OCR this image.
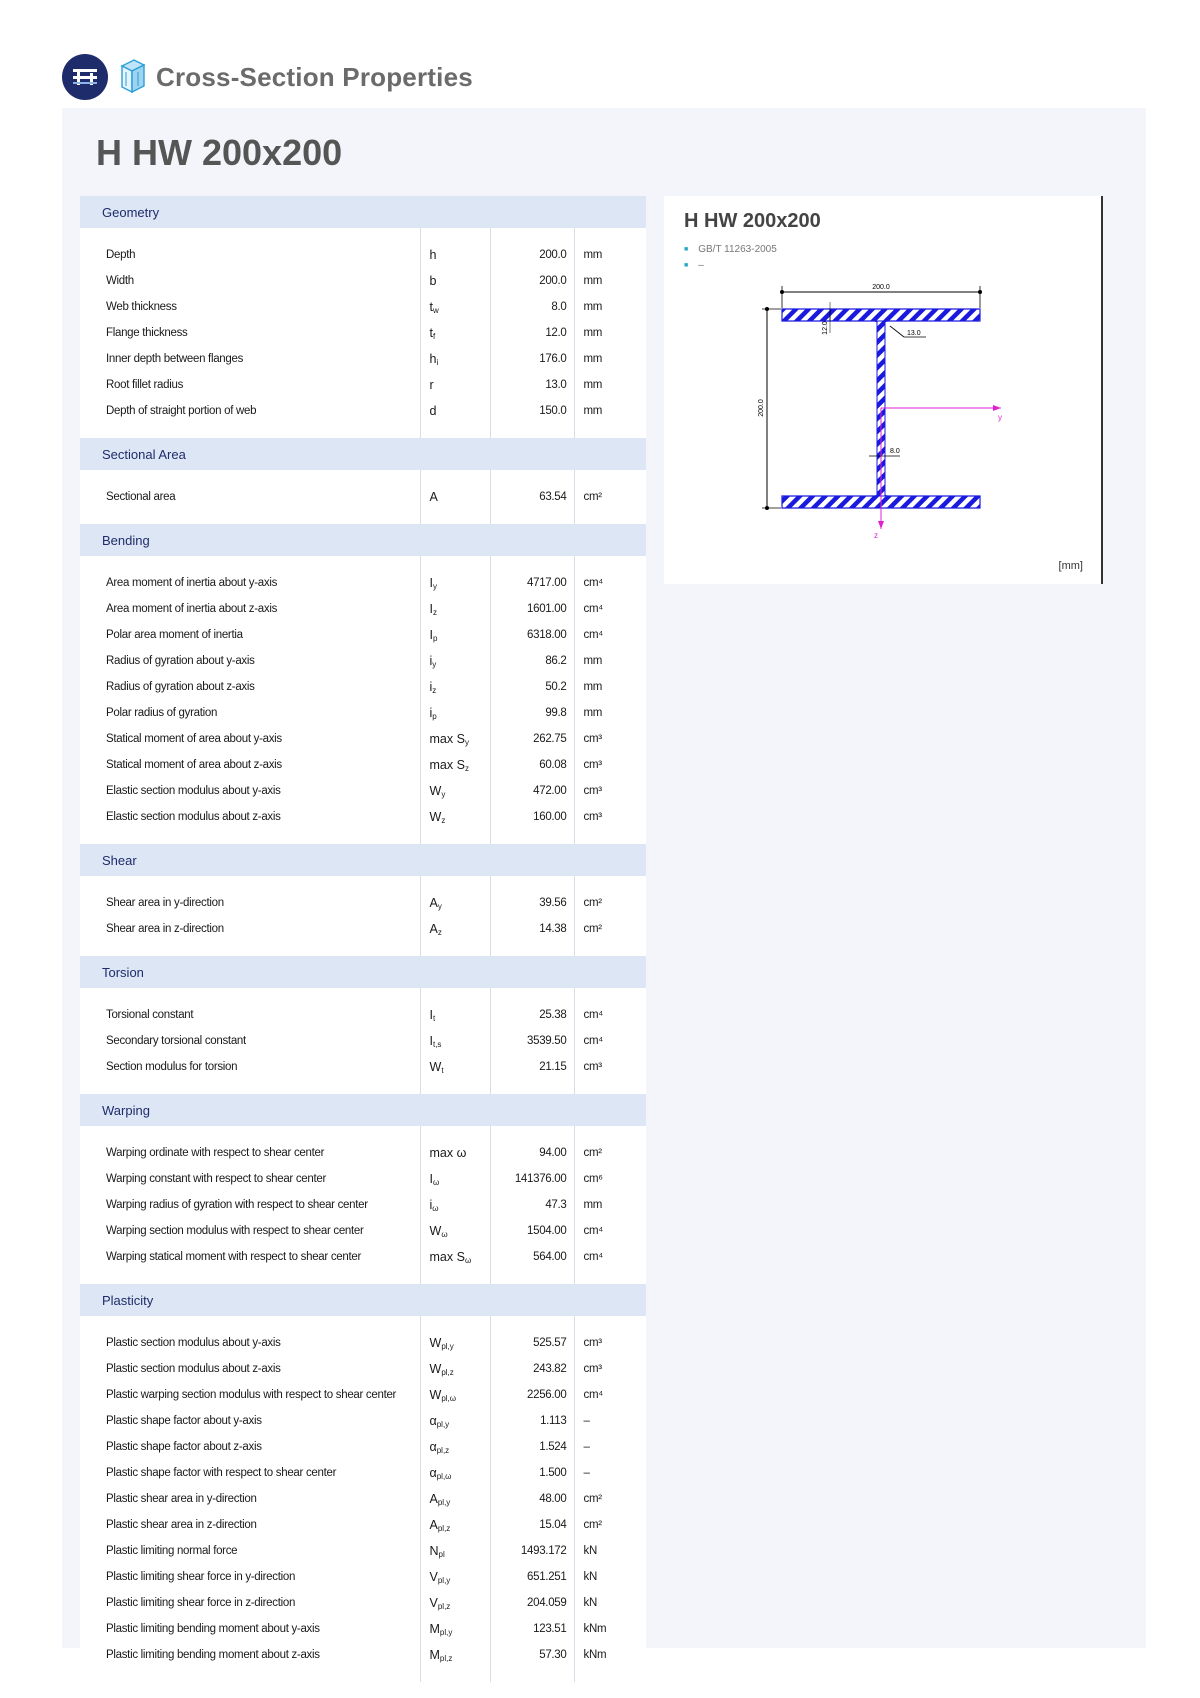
Cross-Section Properties
H HW 200x200
Geometry			

Depth	h	200.0	mm
Width	b	200.0	mm
Web thickness	$t_w$	8.0	mm
Flange thickness	$t_f$	12.0	mm
Inner depth between flanges	$h_i$	176.0	mm
Root fillet radius	r	13.0	mm
Depth of straight portion of web	d	150.0	mm

Sectional Area			

Sectional area	A	63.54	cm²

Bending			

Area moment of inertia about y-axis	$I_y$	4717.00	cm⁴
Area moment of inertia about z-axis	$I_z$	1601.00	cm⁴
Polar area moment of inertia	$I_p$	6318.00	cm⁴
Radius of gyration about y-axis	$i_y$	86.2	mm
Radius of gyration about z-axis	$i_z$	50.2	mm
Polar radius of gyration	$i_p$	99.8	mm
Statical moment of area about y-axis	$\max S_y$	262.75	cm³
Statical moment of area about z-axis	$\max S_z$	60.08	cm³
Elastic section modulus about y-axis	$W_y$	472.00	cm³
Elastic section modulus about z-axis	$W_z$	160.00	cm³

Shear			

Shear area in y-direction	$A_y$	39.56	cm²
Shear area in z-direction	$A_z$	14.38	cm²

Torsion			

Torsional constant	$I_t$	25.38	cm⁴
Secondary torsional constant	$I_{t,s}$	3539.50	cm⁴
Section modulus for torsion	$W_t$	21.15	cm³

Warping			

Warping ordinate with respect to shear center	max ω	94.00	cm²
Warping constant with respect to shear center	$I_\omega$	141376.00	cm⁶
Warping radius of gyration with respect to shear center	$i_\omega$	47.3	mm
Warping section modulus with respect to shear center	$W_\omega$	1504.00	cm⁴
Warping statical moment with respect to shear center	$\max S_\omega$	564.00	cm⁴

Plasticity			

Plastic section modulus about y-axis	$W_{pl,y}$	525.57	cm³
Plastic section modulus about z-axis	$W_{pl,z}$	243.82	cm³
Plastic warping section modulus with respect to shear center	$W_{pl,\omega}$	2256.00	cm⁴
Plastic shape factor about y-axis	$\alpha_{pl,y}$	1.113	–
Plastic shape factor about z-axis	$\alpha_{pl,z}$	1.524	–
Plastic shape factor with respect to shear center	$\alpha_{pl,\omega}$	1.500	–
Plastic shear area in y-direction	$A_{pl,y}$	48.00	cm²
Plastic shear area in z-direction	$A_{pl,z}$	15.04	cm²
Plastic limiting normal force	$N_{pl}$	1493.172	kN
Plastic limiting shear force in y-direction	$V_{pl,y}$	651.251	kN
Plastic limiting shear force in z-direction	$V_{pl,z}$	204.059	kN
Plastic limiting bending moment about y-axis	$M_{pl,y}$	123.51	kNm
Plastic limiting bending moment about z-axis	$M_{pl,z}$	57.30	kNm

H HW 200x200
■ GB/T 11263-2005
■ –
200.0
200.0
12.0	13.0
8.0
y
z
[mm]
